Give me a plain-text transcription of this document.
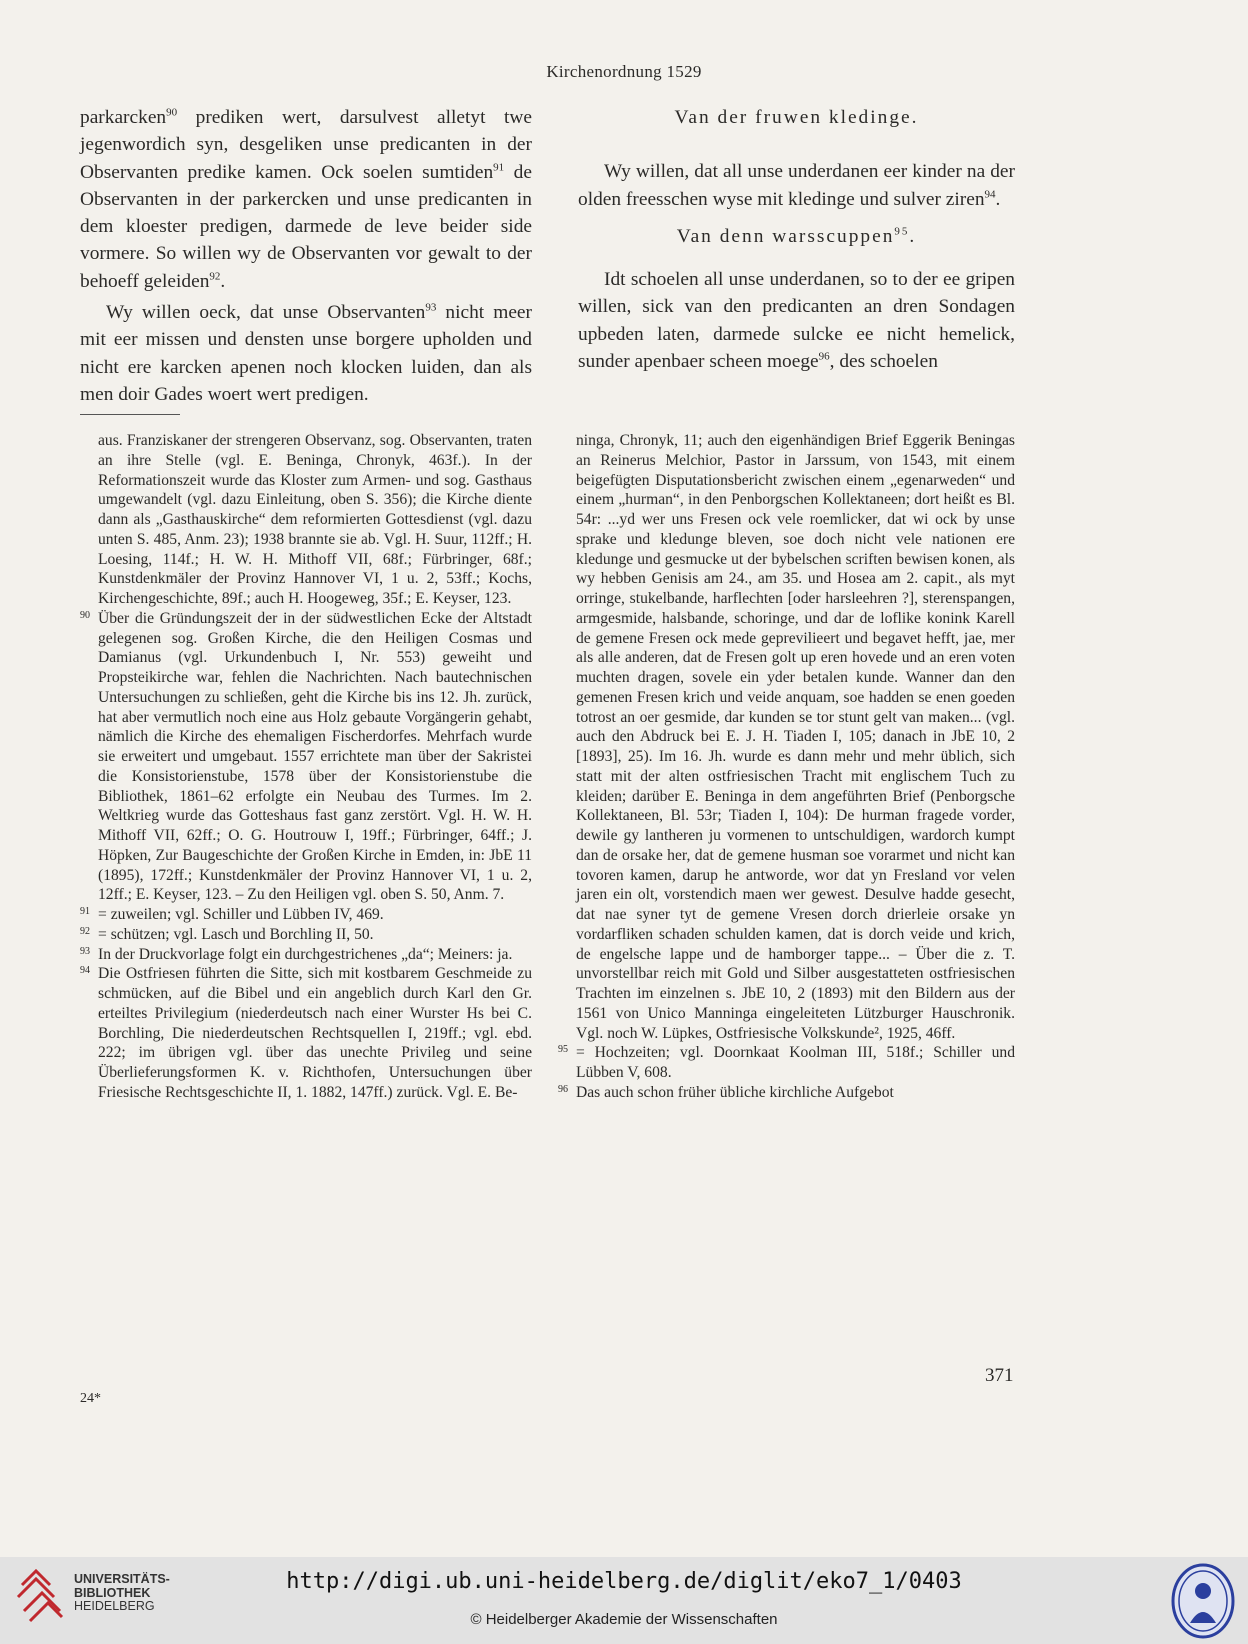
Kirchenordnung 1529

parkarcken$^{90}$ prediken wert, darsulvest alletyt twe jegenwordich syn, desgeliken unse predicanten in der Observanten predike kamen. Ock soelen sumtiden$^{91}$ de Observanten in der parkercken und unse predicanten in dem kloester predigen, darmede de leve beider side vormere. So willen wy de Observanten vor gewalt to der behoeff geleiden$^{92}$.

Wy willen oeck, dat unse Observanten$^{93}$ nicht meer mit eer missen und densten unse borgere upholden und nicht ere karcken apenen noch klocken luiden, dan als men doir Gades woert wert predigen.

Van der fruwen kledinge.

Wy willen, dat all unse underdanen eer kinder na der olden freesschen wyse mit kledinge und sulver ziren$^{94}$.

Van denn warsscuppen$^{95}$.

Idt schoelen all unse underdanen, so to der ee gripen willen, sick van den predicanten an dren Sondagen upbeden laten, darmede sulcke ee nicht hemelick, sunder apenbaer scheen moege$^{96}$, des schoelen

aus. Franziskaner der strengeren Observanz, sog. Observanten, traten an ihre Stelle (vgl. E. Beninga, Chronyk, 463f.). In der Reformationszeit wurde das Kloster zum Armen- und sog. Gasthaus umgewandelt (vgl. dazu Einleitung, oben S. 356); die Kirche diente dann als „Gasthauskirche“ dem reformierten Gottesdienst (vgl. dazu unten S. 485, Anm. 23); 1938 brannte sie ab. Vgl. H. Suur, 112ff.; H. Loesing, 114f.; H. W. H. Mithoff VII, 68f.; Fürbringer, 68f.; Kunstdenkmäler der Provinz Hannover VI, 1 u. 2, 53ff.; Kochs, Kirchengeschichte, 89f.; auch H. Hoogeweg, 35f.; E. Keyser, 123.

90 Über die Gründungszeit der in der südwestlichen Ecke der Altstadt gelegenen sog. Großen Kirche, die den Heiligen Cosmas und Damianus (vgl. Urkundenbuch I, Nr. 553) geweiht und Propsteikirche war, fehlen die Nachrichten. Nach bautechnischen Untersuchungen zu schließen, geht die Kirche bis ins 12. Jh. zurück, hat aber vermutlich noch eine aus Holz gebaute Vorgängerin gehabt, nämlich die Kirche des ehemaligen Fischerdorfes. Mehrfach wurde sie erweitert und umgebaut. 1557 errichtete man über der Sakristei die Konsistorienstube, 1578 über der Konsistorienstube die Bibliothek, 1861–62 erfolgte ein Neubau des Turmes. Im 2. Weltkrieg wurde das Gotteshaus fast ganz zerstört. Vgl. H. W. H. Mithoff VII, 62ff.; O. G. Houtrouw I, 19ff.; Fürbringer, 64ff.; J. Höpken, Zur Baugeschichte der Großen Kirche in Emden, in: JbE 11 (1895), 172ff.; Kunstdenkmäler der Provinz Hannover VI, 1 u. 2, 12ff.; E. Keyser, 123. – Zu den Heiligen vgl. oben S. 50, Anm. 7.

91 = zuweilen; vgl. Schiller und Lübben IV, 469.

92 = schützen; vgl. Lasch und Borchling II, 50.

93 In der Druckvorlage folgt ein durchgestrichenes „da“; Meiners: ja.

94 Die Ostfriesen führten die Sitte, sich mit kostbarem Geschmeide zu schmücken, auf die Bibel und ein angeblich durch Karl den Gr. erteiltes Privilegium (niederdeutsch nach einer Wurster Hs bei C. Borchling, Die niederdeutschen Rechtsquellen I, 219ff.; vgl. ebd. 222; im übrigen vgl. über das unechte Privileg und seine Überlieferungsformen K. v. Richthofen, Untersuchungen über Friesische Rechtsgeschichte II, 1. 1882, 147ff.) zurück. Vgl. E. Be-

ninga, Chronyk, 11; auch den eigenhändigen Brief Eggerik Beningas an Reinerus Melchior, Pastor in Jarssum, von 1543, mit einem beigefügten Disputationsbericht zwischen einem „egenarweden“ und einem „hurman“, in den Penborgschen Kollektaneen; dort heißt es Bl. 54r: ...yd wer uns Fresen ock vele roemlicker, dat wi ock by unse sprake und kledunge bleven, soe doch nicht vele nationen ere kledunge und gesmucke ut der bybelschen scriften bewisen konen, als wy hebben Genisis am 24., am 35. und Hosea am 2. capit., als myt orringe, stukelbande, harflechten [oder harsleehren ?], sterenspangen, armgesmide, halsbande, schoringe, und dar de loflike konink Karell de gemene Fresen ock mede geprevilieert und begavet hefft, jae, mer als alle anderen, dat de Fresen golt up eren hovede und an eren voten muchten dragen, sovele ein yder betalen kunde. Wanner dan den gemenen Fresen krich und veide anquam, soe hadden se enen goeden totrost an oer gesmide, dar kunden se tor stunt gelt van maken... (vgl. auch den Abdruck bei E. J. H. Tiaden I, 105; danach in JbE 10, 2 [1893], 25). Im 16. Jh. wurde es dann mehr und mehr üblich, sich statt mit der alten ostfriesischen Tracht mit englischem Tuch zu kleiden; darüber E. Beninga in dem angeführten Brief (Penborgsche Kollektaneen, Bl. 53r; Tiaden I, 104): De hurman fragede vorder, dewile gy lantheren ju vormenen to untschuldigen, wardorch kumpt dan de orsake her, dat de gemene husman soe vorarmet und nicht kan tovoren kamen, darup he antworde, wor dat yn Fresland vor velen jaren ein olt, vorstendich maen wer gewest. Desulve hadde gesecht, dat nae syner tyt de gemene Vresen dorch drierleie orsake yn vordarfliken schaden schulden kamen, dat is dorch veide und krich, de engelsche lappe und de hamborger tappe... – Über die z. T. unvorstellbar reich mit Gold und Silber ausgestatteten ostfriesischen Trachten im einzelnen s. JbE 10, 2 (1893) mit den Bildern aus der 1561 von Unico Manninga eingeleiteten Lützburger Hauschronik. Vgl. noch W. Lüpkes, Ostfriesische Volkskunde², 1925, 46ff.

95 = Hochzeiten; vgl. Doornkaat Koolman III, 518f.; Schiller und Lübben V, 608.

96 Das auch schon früher übliche kirchliche Aufgebot

371
24*
UNIVERSITÄTS-
BIBLIOTHEK
HEIDELBERG
http://digi.ub.uni-heidelberg.de/diglit/eko7_1/0403
© Heidelberger Akademie der Wissenschaften
